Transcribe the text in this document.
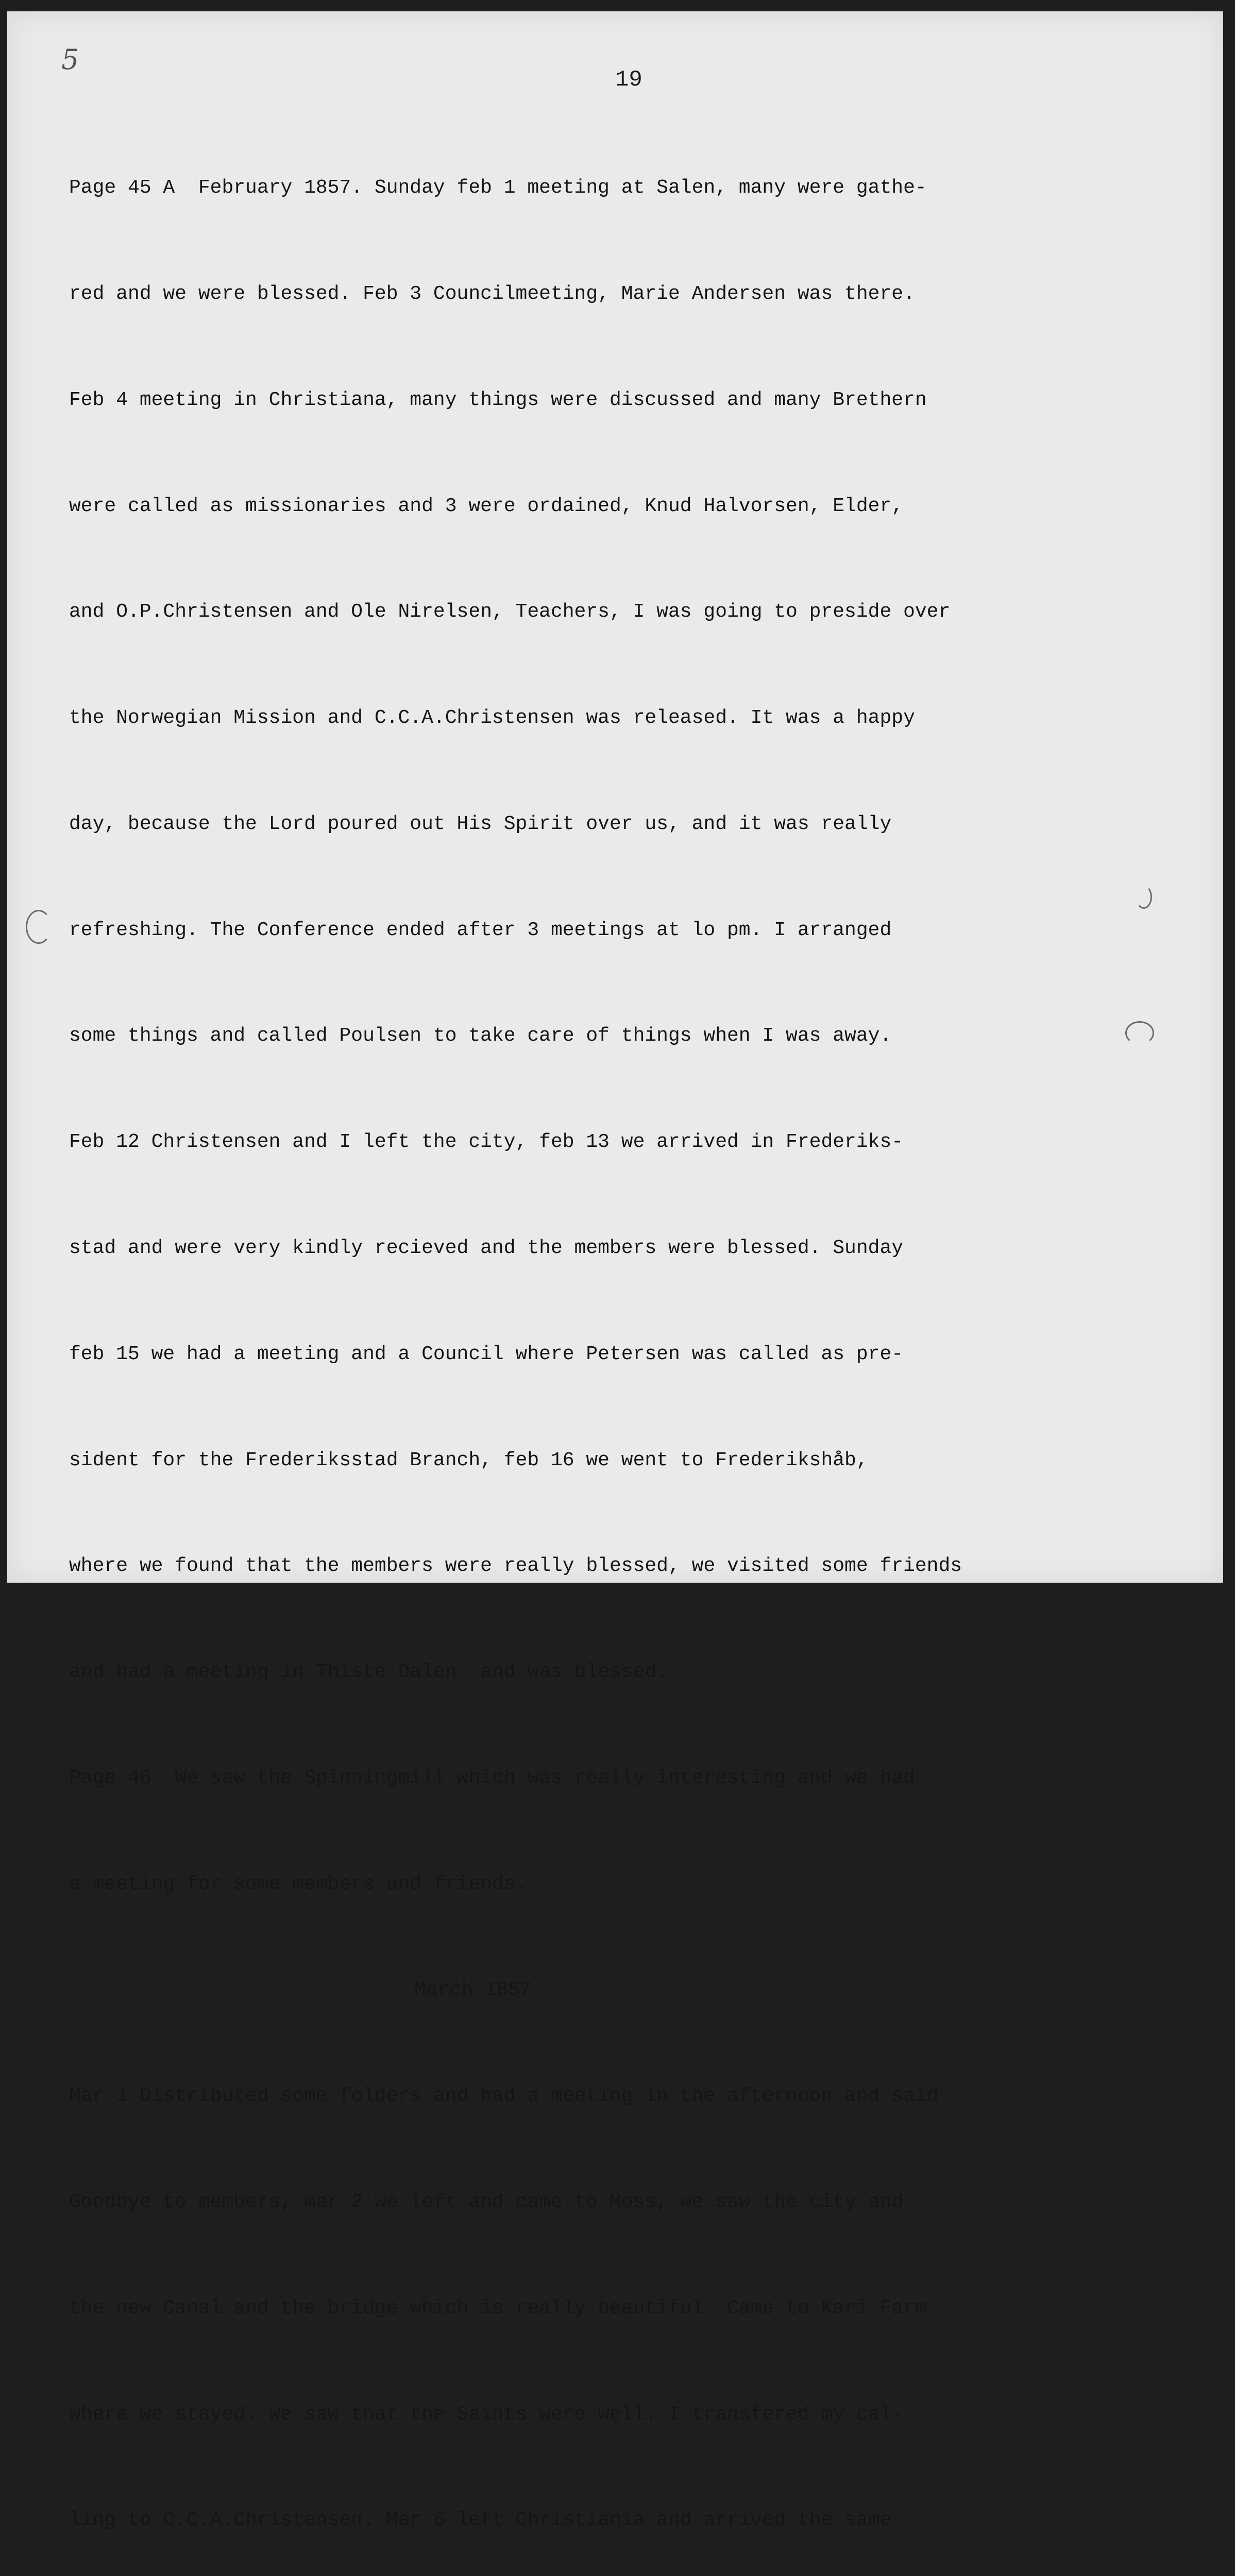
5
19

Page 45 A  February 1857. Sunday feb 1 meeting at Salen, many were gathe-

red and we were blessed. Feb 3 Councilmeeting, Marie Andersen was there.

Feb 4 meeting in Christiana, many things were discussed and many Brethern

were called as missionaries and 3 were ordained, Knud Halvorsen, Elder,

and O.P.Christensen and Ole Nirelsen, Teachers, I was going to preside over

the Norwegian Mission and C.C.A.Christensen was released. It was a happy

day, because the Lord poured out His Spirit over us, and it was really

refreshing. The Conference ended after 3 meetings at lo pm. I arranged

some things and called Poulsen to take care of things when I was away.

Feb 12 Christensen and I left the city, feb 13 we arrived in Frederiks-

stad and were very kindly recieved and the members were blessed. Sunday

feb 15 we had a meeting and a Council where Petersen was called as pre-

sident for the Frederiksstad Branch, feb 16 we went to Frederikshåb,

where we found that the members were really blessed, we visited some friends

and had a meeting in Thiste Dalen  and was blessed.

Page 46  We saw the Spinningmill which was really interesting and we had

a meeting for some members and friends.

March 1857

Mar 1 Distributed some folders and had a meeting in the afternoon and said

Goodbye to members, mar 2 we left and came to Moss, we saw the city and

the new Canal and the bridge which is really beautiful. Came to Kari Farm

where we stayed. We saw that the Saints were well. I transfered my cal-

ling to C.C.A.Christensen. Mar 6 left Christiania and arrived the same
